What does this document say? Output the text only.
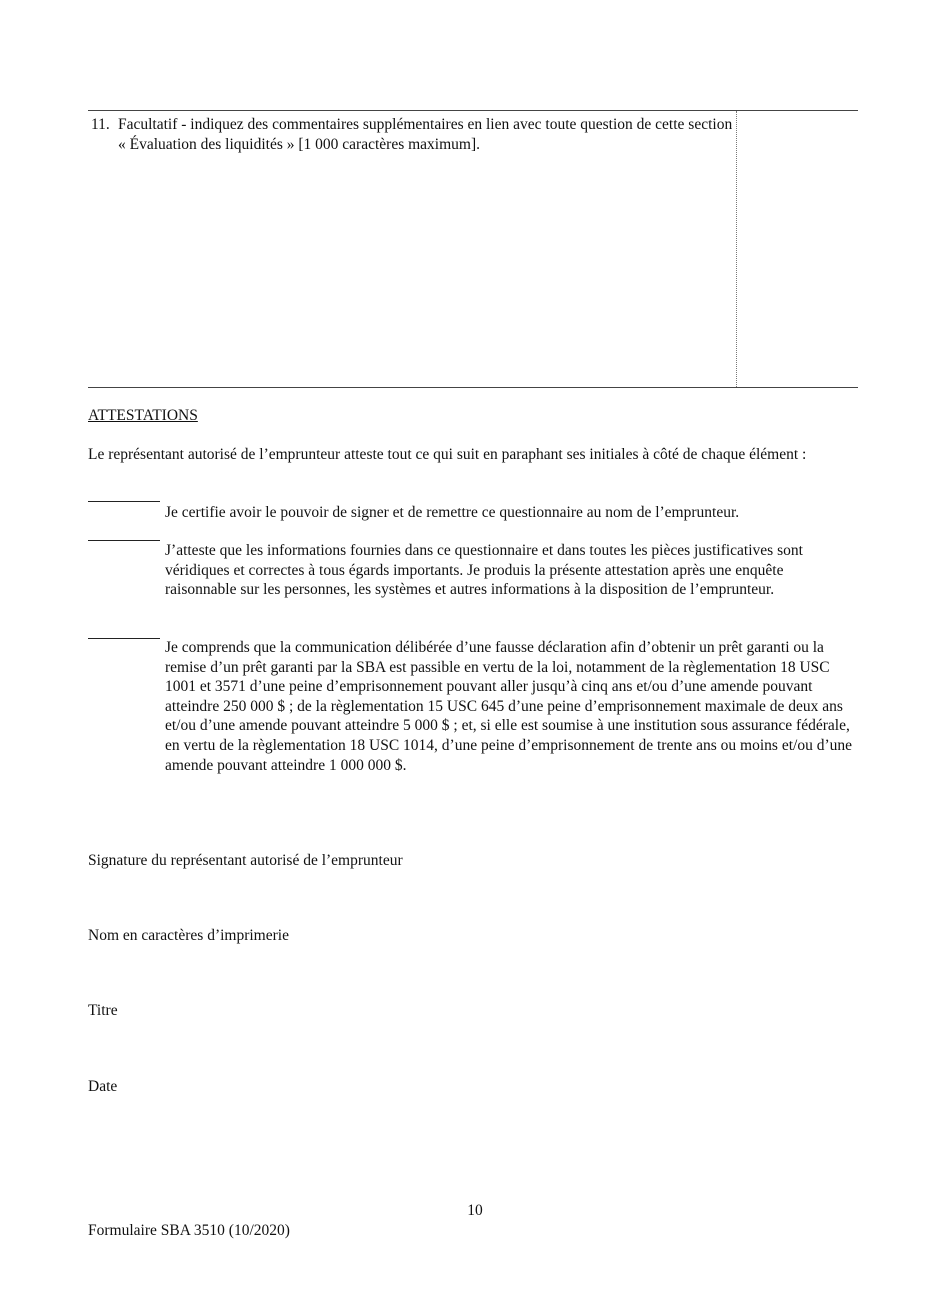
11. Facultatif - indiquez des commentaires supplémentaires en lien avec toute question de cette section « Évaluation des liquidités » [1 000 caractères maximum].
ATTESTATIONS
Le représentant autorisé de l’emprunteur atteste tout ce qui suit en paraphant ses initiales à côté de chaque élément :
Je certifie avoir le pouvoir de signer et de remettre ce questionnaire au nom de l’emprunteur.
J’atteste que les informations fournies dans ce questionnaire et dans toutes les pièces justificatives sont véridiques et correctes à tous égards importants. Je produis la présente attestation après une enquête raisonnable sur les personnes, les systèmes et autres informations à la disposition de l’emprunteur.
Je comprends que la communication délibérée d’une fausse déclaration afin d’obtenir un prêt garanti ou la remise d’un prêt garanti par la SBA est passible en vertu de la loi, notamment de la règlementation 18 USC 1001 et 3571 d’une peine d’emprisonnement pouvant aller jusqu’à cinq ans et/ou d’une amende pouvant atteindre 250 000 $ ; de la règlementation 15 USC 645 d’une peine d’emprisonnement maximale de deux ans et/ou d’une amende pouvant atteindre 5 000 $ ; et, si elle est soumise à une institution sous assurance fédérale, en vertu de la règlementation 18 USC 1014, d’une peine d’emprisonnement de trente ans ou moins et/ou d’une amende pouvant atteindre 1 000 000 $.
Signature du représentant autorisé de l’emprunteur
Nom en caractères d’imprimerie
Titre
Date
10
Formulaire SBA 3510 (10/2020)
